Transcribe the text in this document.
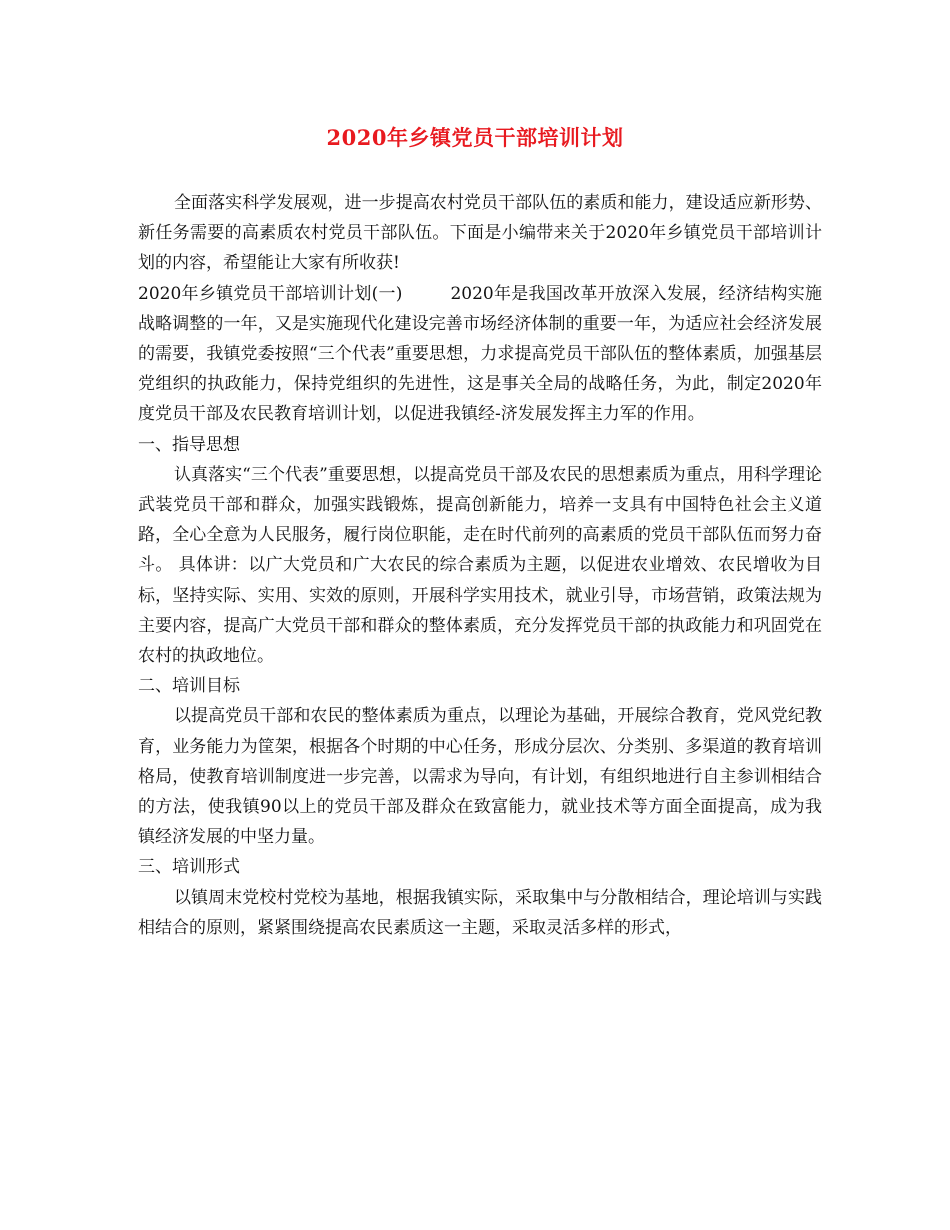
2020年乡镇党员干部培训计划

全面落实科学发展观，进一步提高农村党员干部队伍的素质和能力，建设适应新形势、新任务需要的高素质农村党员干部队伍。下面是小编带来关于2020年乡镇党员干部培训计划的内容，希望能让大家有所收获!

2020年乡镇党员干部培训计划(一)	2020年是我国改革开放深入发展，经济结构实施战略调整的一年，又是实施现代化建设完善市场经济体制的重要一年，为适应社会经济发展的需要，我镇党委按照“三个代表”重要思想，力求提高党员干部队伍的整体素质，加强基层党组织的执政能力，保持党组织的先进性，这是事关全局的战略任务，为此，制定2020年度党员干部及农民教育培训计划，以促进我镇经-济发展发挥主力军的作用。

一、指导思想

认真落实“三个代表”重要思想，以提高党员干部及农民的思想素质为重点，用科学理论武装党员干部和群众，加强实践锻炼，提高创新能力，培养一支具有中国特色社会主义道路，全心全意为人民服务，履行岗位职能，走在时代前列的高素质的党员干部队伍而努力奋斗。 具体讲：以广大党员和广大农民的综合素质为主题，以促进农业增效、农民增收为目标，坚持实际、实用、实效的原则，开展科学实用技术，就业引导，市场营销，政策法规为主要内容，提高广大党员干部和群众的整体素质，充分发挥党员干部的执政能力和巩固党在农村的执政地位。

二、培训目标

以提高党员干部和农民的整体素质为重点，以理论为基础，开展综合教育，党风党纪教育，业务能力为筐架，根据各个时期的中心任务，形成分层次、分类别、多渠道的教育培训格局，使教育培训制度进一步完善，以需求为导向，有计划，有组织地进行自主参训相结合的方法，使我镇90以上的党员干部及群众在致富能力，就业技术等方面全面提高，成为我镇经济发展的中坚力量。

三、培训形式

以镇周末党校村党校为基地，根据我镇实际，采取集中与分散相结合，理论培训与实践相结合的原则，紧紧围绕提高农民素质这一主题，采取灵活多样的形式，
